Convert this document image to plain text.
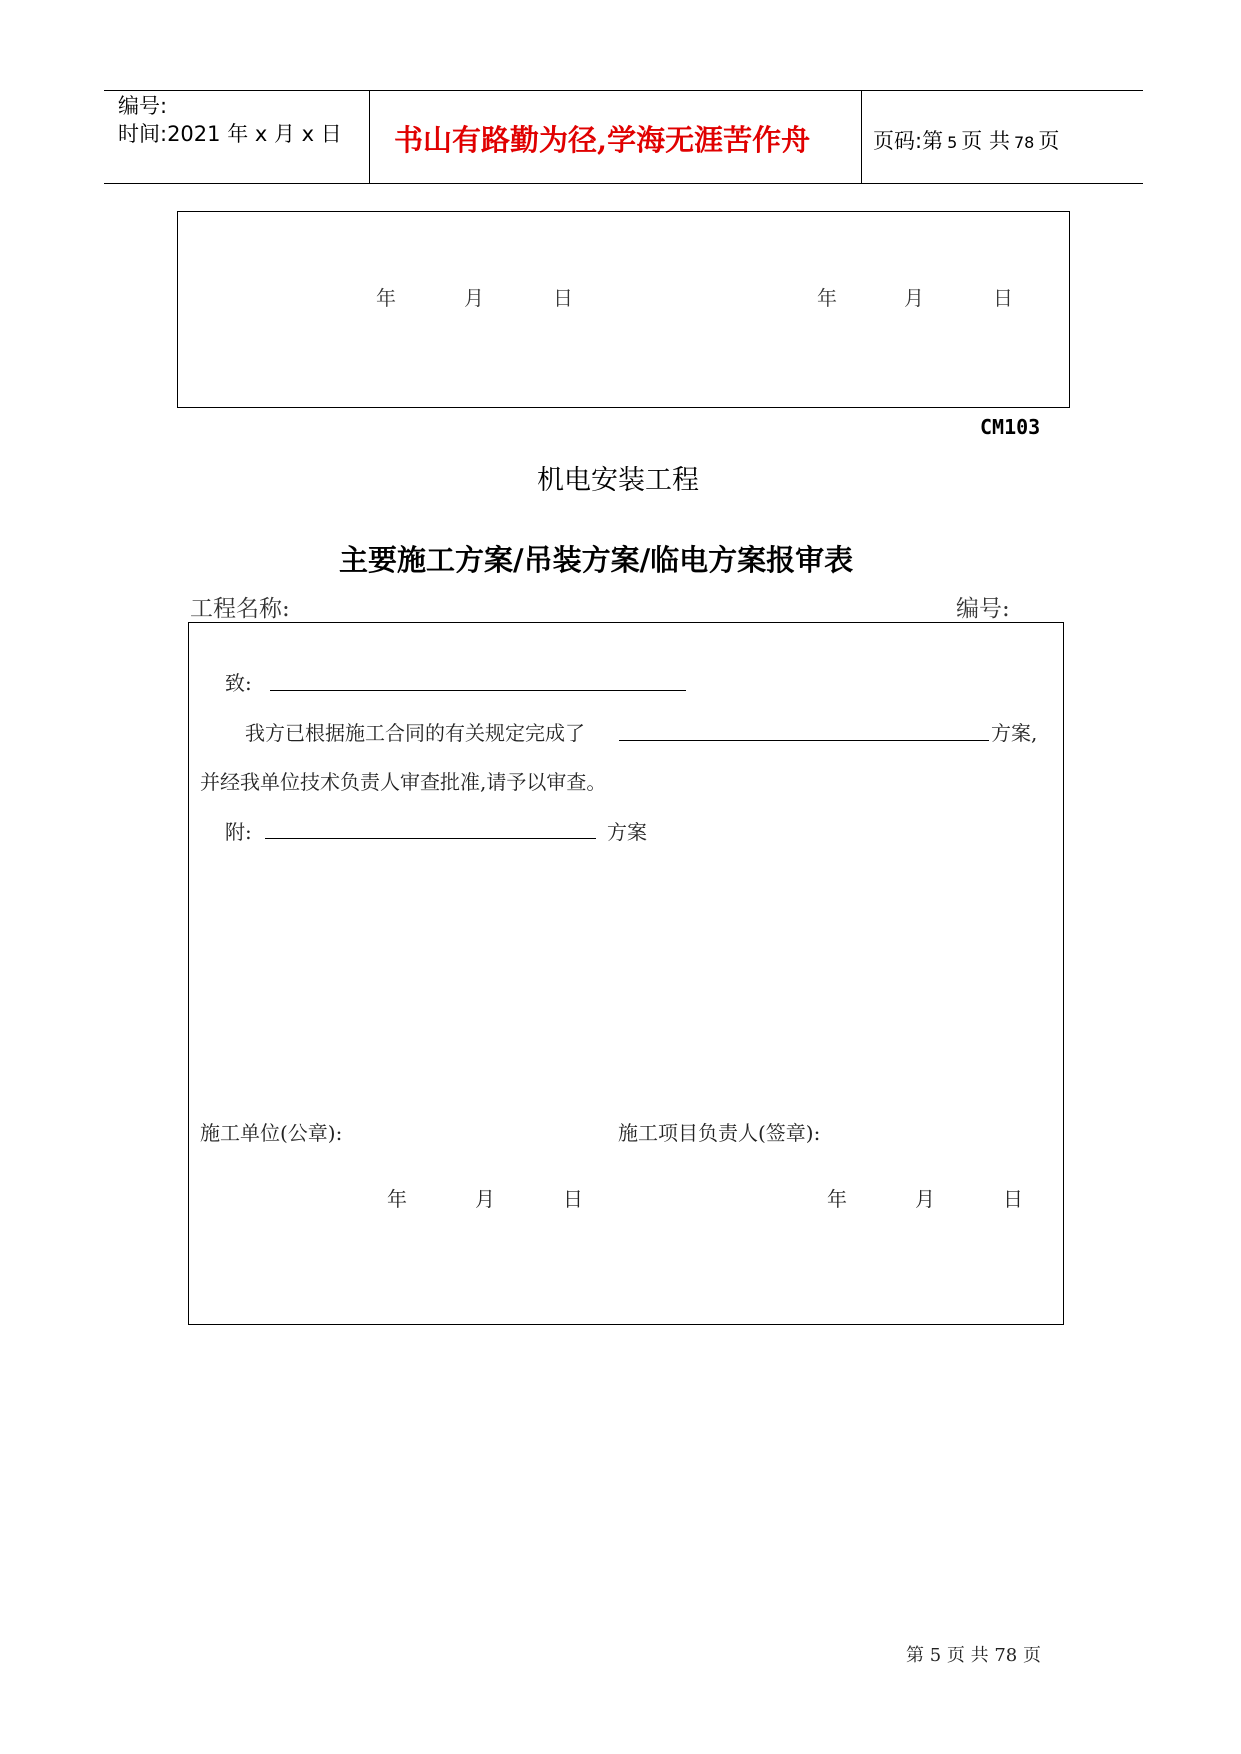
编号:
时间:2021 年 x 月 x 日 书山有路勤为径,学海无涯苦作舟	页码:第 5 页 共 78 页
年	月	日	年	月	日
CM103
机电安装工程
主要施工方案/吊装方案/临电方案报审表
工程名称:	编号:
致:
我方已根据施工合同的有关规定完成了	方案,
并经我单位技术负责人审查批准,请予以审查。
附:	方案
施工单位(公章):	施工项目负责人(签章):
年	月	日	年	月	日
第 5 页 共 78 页
